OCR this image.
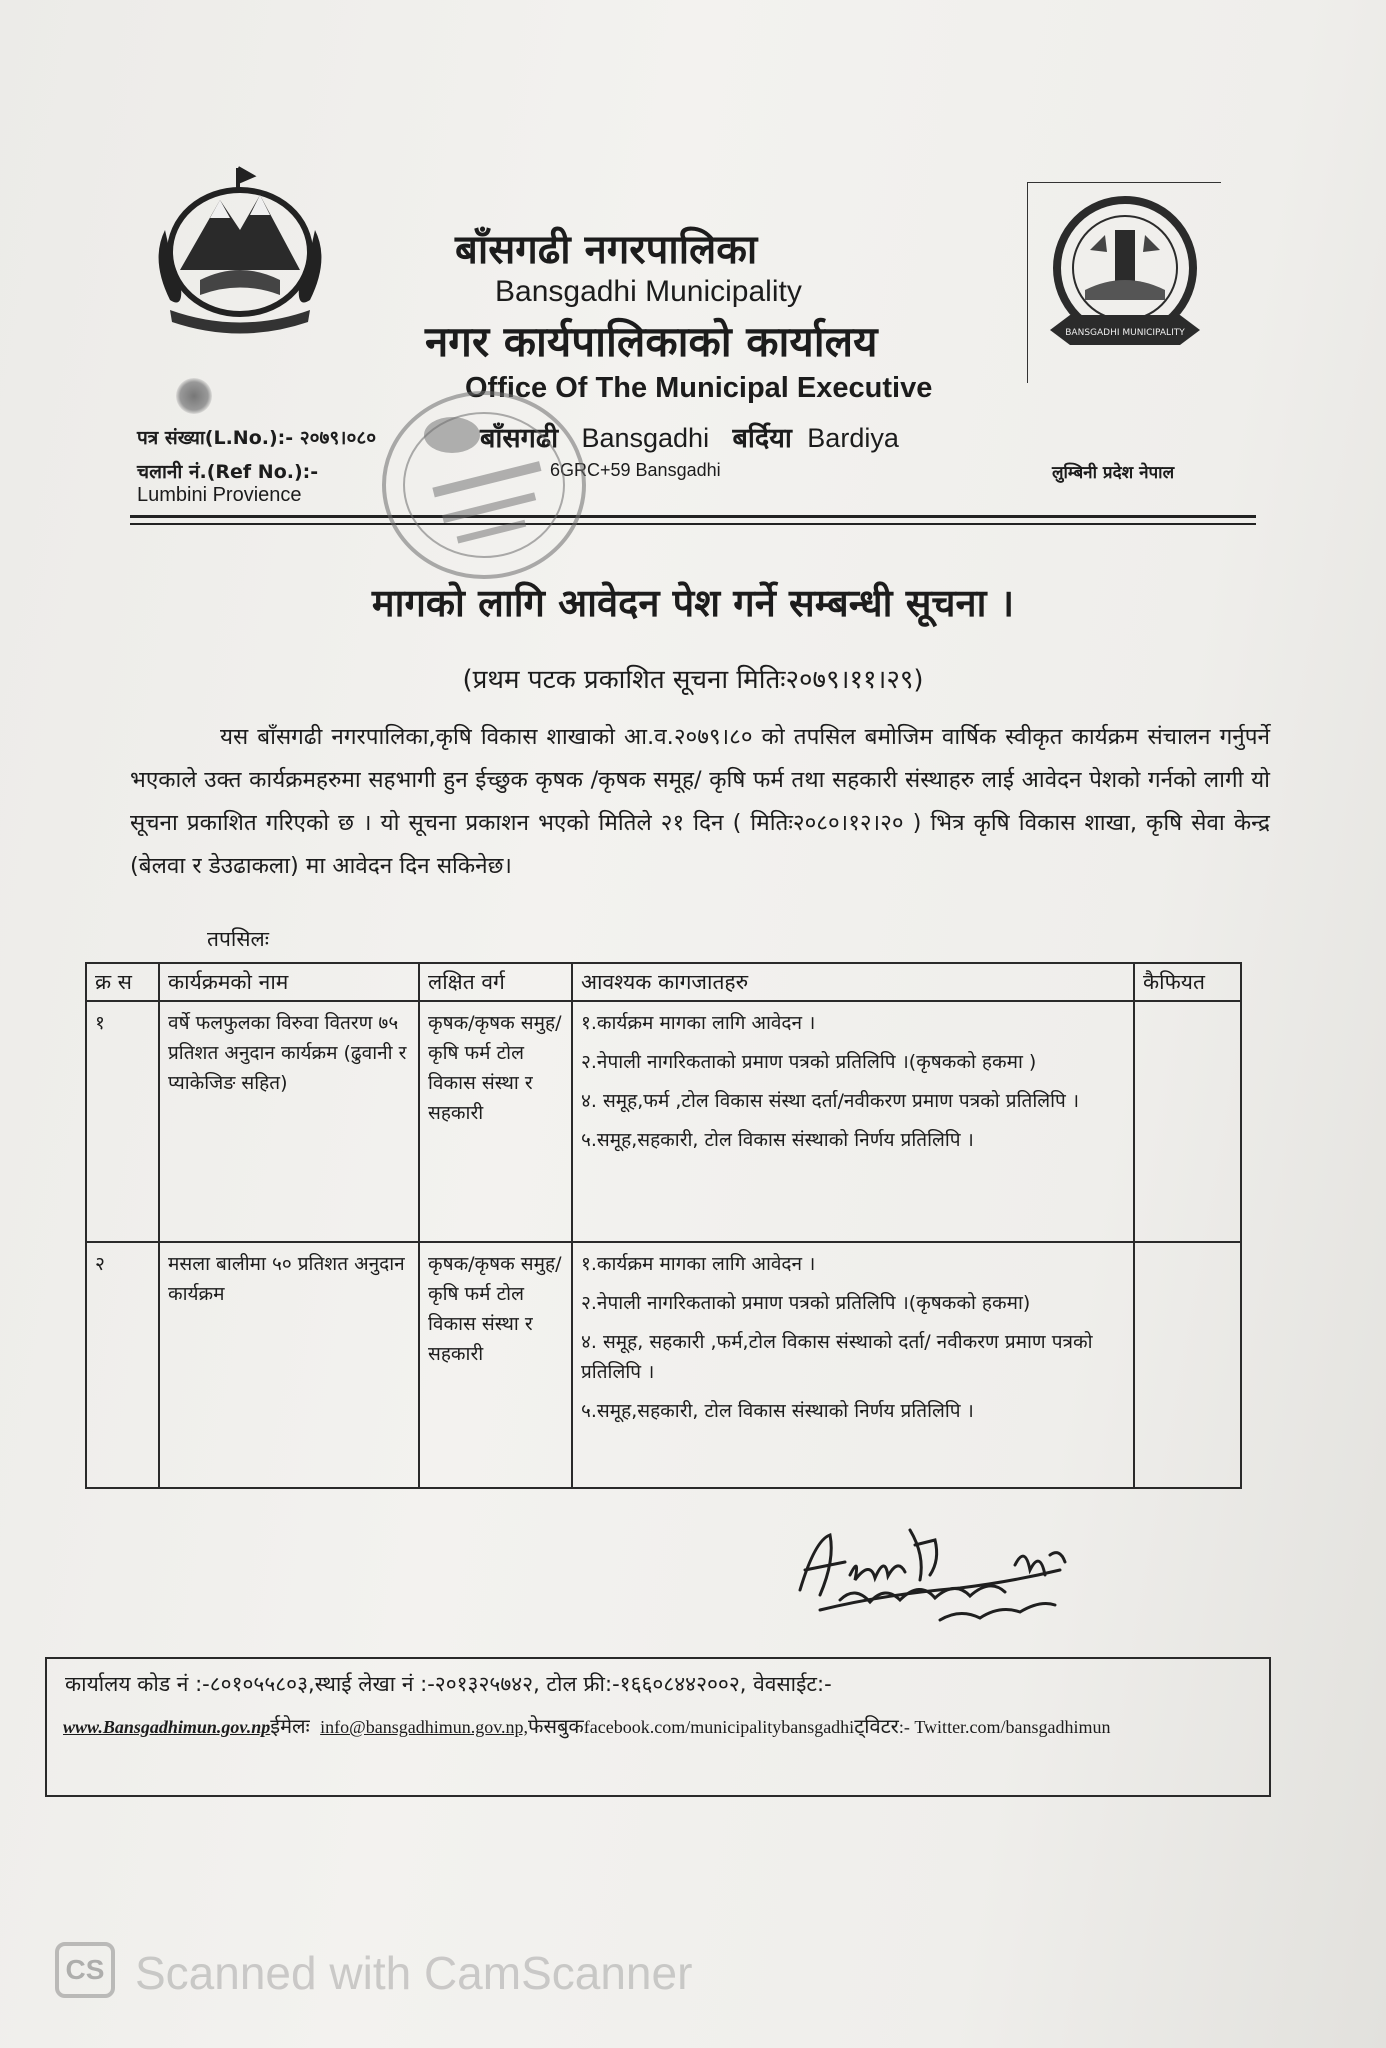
BANSGADHI MUNICIPALITY
बाँसगढी नगरपालिका
Bansgadhi Municipality
नगर कार्यपालिकाको कार्यालय
Office Of The Municipal Executive
बाँसगढी Bansgadhi बर्दिया Bardiya
6GRC+59 Bansgadhi
पत्र संख्या(L.No.):- २०७९।०८०
चलानी नं.(Ref No.):-
Lumbini Provience
लुम्बिनी प्रदेश नेपाल
मागको लागि आवेदन पेश गर्ने सम्बन्धी सूचना ।
(प्रथम पटक प्रकाशित सूचना मितिः२०७९।११।२९)
यस बाँसगढी नगरपालिका,कृषि विकास शाखाको आ.व.२०७९।८० को तपसिल बमोजिम वार्षिक स्वीकृत कार्यक्रम संचालन गर्नुपर्ने भएकाले उक्त कार्यक्रमहरुमा सहभागी हुन ईच्छुक कृषक /कृषक समूह/ कृषि फर्म तथा सहकारी संस्थाहरु लाई आवेदन पेशको गर्नको लागी यो सूचना प्रकाशित गरिएको छ । यो सूचना प्रकाशन भएको मितिले २१ दिन ( मितिः२०८०।१२।२० ) भित्र कृषि विकास शाखा, कृषि सेवा केन्द्र (बेलवा र डेउढाकला) मा आवेदन दिन सकिनेछ।
तपसिलः
क्र स	कार्यक्रमको नाम	लक्षित वर्ग	आवश्यक कागजातहरु	कैफियत
१	वर्षे फलफुलका विरुवा वितरण ७५ प्रतिशत अनुदान कार्यक्रम (ढुवानी र प्याकेजिङ सहित)	कृषक/कृषक समुह/कृषि फर्म टोल विकास संस्था र सहकारी	१.कार्यक्रम मागका लागि आवेदन ।
२.नेपाली नागरिकताको प्रमाण पत्रको प्रतिलिपि ।(कृषकको हकमा )
४. समूह,फर्म ,टोल विकास संस्था दर्ता/नवीकरण प्रमाण पत्रको प्रतिलिपि ।
५.समूह,सहकारी, टोल विकास संस्थाको निर्णय प्रतिलिपि ।	

२	मसला बालीमा ५० प्रतिशत अनुदान कार्यक्रम	कृषक/कृषक समुह/कृषि फर्म टोल विकास संस्था र सहकारी	१.कार्यक्रम मागका लागि आवेदन ।
२.नेपाली नागरिकताको प्रमाण पत्रको प्रतिलिपि ।(कृषकको हकमा)
४. समूह, सहकारी ,फर्म,टोल विकास संस्थाको दर्ता/ नवीकरण प्रमाण पत्रको प्रतिलिपि ।
५.समूह,सहकारी, टोल विकास संस्थाको निर्णय प्रतिलिपि ।	

कार्यालय कोड नं :-८०१०५५८०३,स्थाई लेखा नं :-२०१३२५७४२, टोल फ्री:-१६६०८४४२००२, वेवसाईट:-
www.Bansgadhimun.gov.npईमेलः info@bansgadhimun.gov.np,फेसबुकfacebook.com/municipalitybansgadhiट्विटर:- Twitter.com/bansgadhimun
CS Scanned with CamScanner
